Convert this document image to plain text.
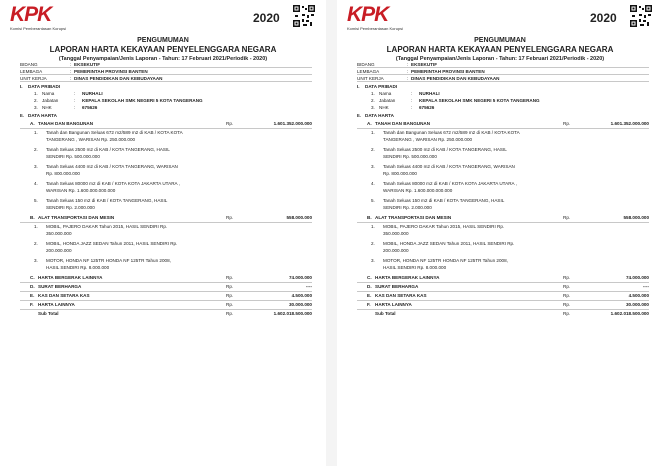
KPK
Komisi Pemberantasan Korupsi
2020
PENGUMUMAN
LAPORAN HARTA KEKAYAAN PENYELENGGARA NEGARA
(Tanggal Penyampaian/Jenis Laporan - Tahun: 17 Februari 2021/Periodik - 2020)
BIDANG	: EKSEKUTIF
LEMBAGA	: PEMERINTAH PROVINSI BANTEN
UNIT KERJA	: DINAS PENDIDIKAN DAN KEBUDAYAAN
I. DATA PRIBADI
1. Nama	: NURHALI
2. Jabatan	: KEPALA SEKOLAH SMK NEGERI 5 KOTA TANGERANG
3. NHK	: 675626
II. DATA HARTA
A. TANAH DAN BANGUNAN	Rp.	1.601.352.000.000
1. Tanah dan Bangunan Seluas 672 m2/589 m2 di KAB / KOTA KOTA
TANGERANG , WARISAN Rp. 250.000.000
2. Tanah Seluas 2500 m2 di KAB / KOTA TANGERANG, HASIL
SENDIRI Rp. 500.000.000
3. Tanah Seluas 4400 m2 di KAB / KOTA TANGERANG, WARISAN
Rp. 800.000.000
4. Tanah Seluas 80000 m2 di KAB / KOTA KOTA JAKARTA UTARA ,
WARISAN Rp. 1.600.000.000.000
5. Tanah Seluas 150 m2 di KAB / KOTA TANGERANG, HASIL
SENDIRI Rp. 2.000.000
B. ALAT TRANSPORTASI DAN MESIN	Rp.	558.000.000
1. MOBIL, PAJERO DAKAR Tahun 2015, HASIL SENDIRI Rp.
350.000.000
2. MOBIL, HONDA JAZZ SEDAN Tahun 2011, HASIL SENDIRI Rp.
200.000.000
3. MOTOR, HONDA NF 125TR HONDA NF 125TR Tahun 2008,
HASIL SENDIRI Rp. 8.000.000
C. HARTA BERGERAK LAINNYA	Rp.	74.000.000
D. SURAT BERHARGA	Rp.	----
E. KAS DAN SETARA KAS	Rp.	4.500.000
F. HARTA LAINNYA	Rp.	30.000.000
Sub Total	Rp.	1.602.018.500.000
KPK
Komisi Pemberantasan Korupsi
2020
PENGUMUMAN
LAPORAN HARTA KEKAYAAN PENYELENGGARA NEGARA
(Tanggal Penyampaian/Jenis Laporan - Tahun: 17 Februari 2021/Periodik - 2020)
BIDANG	: EKSEKUTIF
LEMBAGA	: PEMERINTAH PROVINSI BANTEN
UNIT KERJA	: DINAS PENDIDIKAN DAN KEBUDAYAAN
I. DATA PRIBADI
1. Nama	: NURHALI
2. Jabatan	: KEPALA SEKOLAH SMK NEGERI 5 KOTA TANGERANG
3. NHK	: 675626
II. DATA HARTA
A. TANAH DAN BANGUNAN	Rp.	1.601.352.000.000
1. Tanah dan Bangunan Seluas 672 m2/589 m2 di KAB / KOTA KOTA
TANGERANG , WARISAN Rp. 250.000.000
2. Tanah Seluas 2500 m2 di KAB / KOTA TANGERANG, HASIL
SENDIRI Rp. 500.000.000
3. Tanah Seluas 4400 m2 di KAB / KOTA TANGERANG, WARISAN
Rp. 800.000.000
4. Tanah Seluas 80000 m2 di KAB / KOTA KOTA JAKARTA UTARA ,
WARISAN Rp. 1.600.000.000.000
5. Tanah Seluas 150 m2 di KAB / KOTA TANGERANG, HASIL
SENDIRI Rp. 2.000.000
B. ALAT TRANSPORTASI DAN MESIN	Rp.	558.000.000
1. MOBIL, PAJERO DAKAR Tahun 2015, HASIL SENDIRI Rp.
350.000.000
2. MOBIL, HONDA JAZZ SEDAN Tahun 2011, HASIL SENDIRI Rp.
200.000.000
3. MOTOR, HONDA NF 125TR HONDA NF 125TR Tahun 2008,
HASIL SENDIRI Rp. 8.000.000
C. HARTA BERGERAK LAINNYA	Rp.	74.000.000
D. SURAT BERHARGA	Rp.	----
E. KAS DAN SETARA KAS	Rp.	4.500.000
F. HARTA LAINNYA	Rp.	30.000.000
Sub Total	Rp.	1.602.018.500.000
